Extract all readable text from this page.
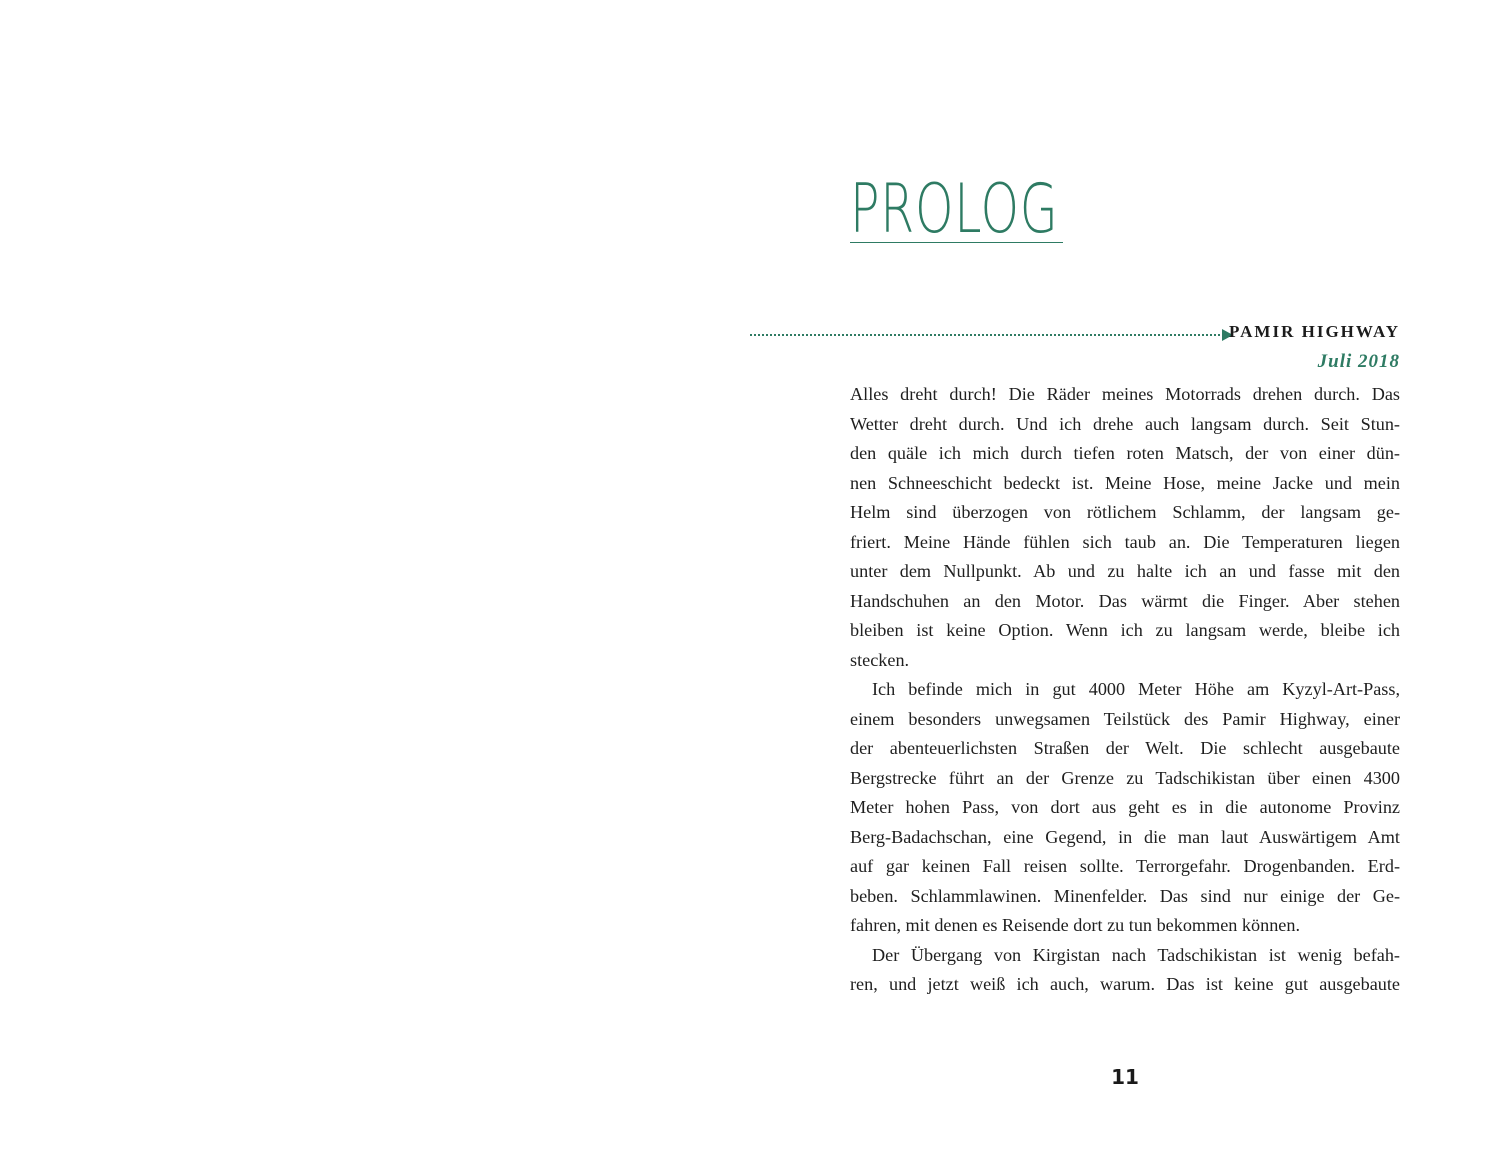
PROLOG
PAMIR HIGHWAY
Juli 2018
Alles dreht durch! Die Räder meines Motorrads drehen durch. Das
Wetter dreht durch. Und ich drehe auch langsam durch. Seit Stun-
den quäle ich mich durch tiefen roten Matsch, der von einer dün-
nen Schneeschicht bedeckt ist. Meine Hose, meine Jacke und mein
Helm sind überzogen von rötlichem Schlamm, der langsam ge-
friert. Meine Hände fühlen sich taub an. Die Temperaturen liegen
unter dem Nullpunkt. Ab und zu halte ich an und fasse mit den
Handschuhen an den Motor. Das wärmt die Finger. Aber stehen
bleiben ist keine Option. Wenn ich zu langsam werde, bleibe ich
stecken.
Ich befinde mich in gut 4000 Meter Höhe am Kyzyl-Art-Pass,
einem besonders unwegsamen Teilstück des Pamir Highway, einer
der abenteuerlichsten Straßen der Welt. Die schlecht ausgebaute
Bergstrecke führt an der Grenze zu Tadschikistan über einen 4300
Meter hohen Pass, von dort aus geht es in die autonome Provinz
Berg-Badachschan, eine Gegend, in die man laut Auswärtigem Amt
auf gar keinen Fall reisen sollte. Terrorgefahr. Drogenbanden. Erd-
beben. Schlammlawinen. Minenfelder. Das sind nur einige der Ge-
fahren, mit denen es Reisende dort zu tun bekommen können.
Der Übergang von Kirgistan nach Tadschikistan ist wenig befah-
ren, und jetzt weiß ich auch, warum. Das ist keine gut ausgebaute
11
